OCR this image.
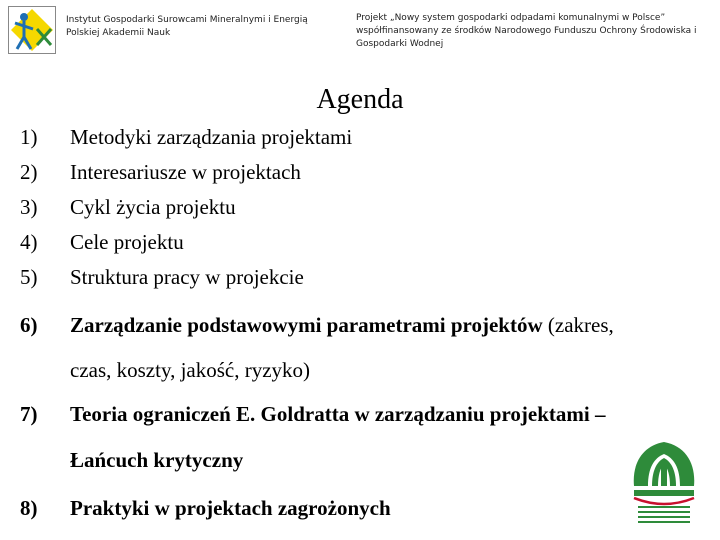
Instytut Gospodarki Surowcami Mineralnymi i Energią Polskiej Akademii Nauk
Projekt „Nowy system gospodarki odpadami komunalnymi w Polsce” współfinansowany ze środków Narodowego Funduszu Ochrony Środowiska i Gospodarki Wodnej
Agenda
1)	Metodyki zarządzania projektami
2)	Interesariusze w projektach
3)	Cykl życia projektu
4)	Cele projektu
5)	Struktura pracy w projekcie
6)	Zarządzanie podstawowymi parametrami projektów (zakres,
czas, koszty, jakość, ryzyko)
7)	Teoria ograniczeń E. Goldratta w zarządzaniu projektami –
Łańcuch krytyczny
8)	Praktyki w projektach zagrożonych
